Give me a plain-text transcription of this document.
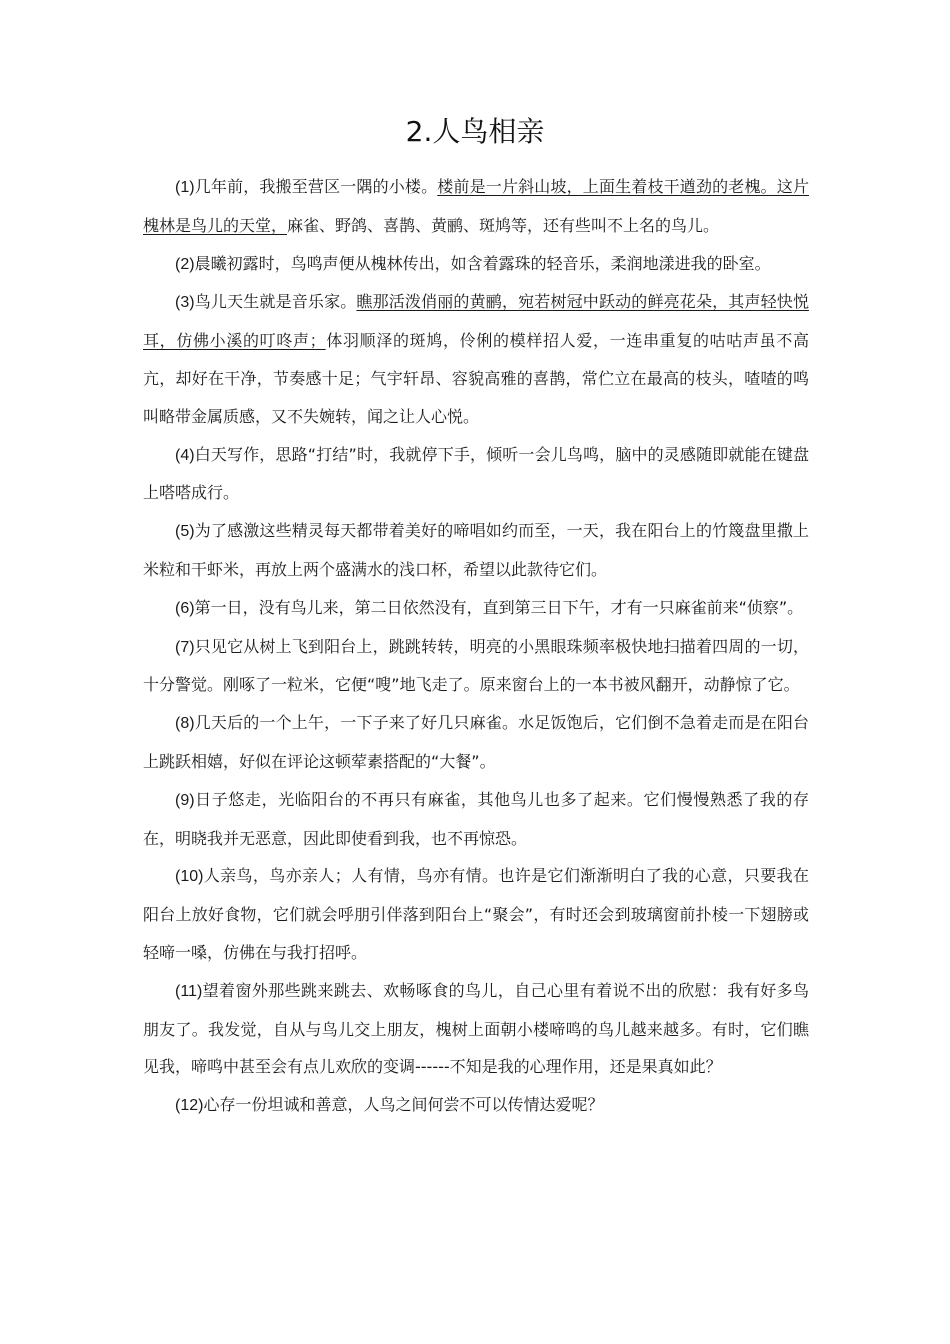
2.人鸟相亲

(1)几年前，我搬至营区一隅的小楼。楼前是一片斜山坡，上面生着枝干遒劲的老槐。这片槐林是鸟儿的天堂，麻雀、野鸽、喜鹊、黄鹂、斑鸠等，还有些叫不上名的鸟儿。

(2)晨曦初露时，鸟鸣声便从槐林传出，如含着露珠的轻音乐，柔润地漾进我的卧室。

(3)鸟儿天生就是音乐家。瞧那活泼俏丽的黄鹂，宛若树冠中跃动的鲜亮花朵，其声轻快悦耳，仿佛小溪的叮咚声；体羽顺泽的斑鸠，伶俐的模样招人爱，一连串重复的咕咕声虽不高亢，却好在干净，节奏感十足；气宇轩昂、容貌高雅的喜鹊，常伫立在最高的枝头，喳喳的鸣叫略带金属质感，又不失婉转，闻之让人心悦。

(4)白天写作，思路“打结”时，我就停下手，倾听一会儿鸟鸣，脑中的灵感随即就能在键盘上嗒嗒成行。

(5)为了感激这些精灵每天都带着美好的啼唱如约而至，一天，我在阳台上的竹篾盘里撒上米粒和干虾米，再放上两个盛满水的浅口杯，希望以此款待它们。

(6)第一日，没有鸟儿来，第二日依然没有，直到第三日下午，才有一只麻雀前来“侦察”。

(7)只见它从树上飞到阳台上，跳跳转转，明亮的小黑眼珠频率极快地扫描着四周的一切，十分警觉。刚啄了一粒米，它便“嗖”地飞走了。原来窗台上的一本书被风翻开，动静惊了它。

(8)几天后的一个上午，一下子来了好几只麻雀。水足饭饱后，它们倒不急着走而是在阳台上跳跃相嬉，好似在评论这顿荤素搭配的“大餐”。

(9)日子悠走，光临阳台的不再只有麻雀，其他鸟儿也多了起来。它们慢慢熟悉了我的存在，明晓我并无恶意，因此即使看到我，也不再惊恐。

(10)人亲鸟，鸟亦亲人；人有情，鸟亦有情。也许是它们渐渐明白了我的心意，只要我在阳台上放好食物，它们就会呼朋引伴落到阳台上“聚会”，有时还会到玻璃窗前扑棱一下翅膀或轻啼一嗓，仿佛在与我打招呼。

(11)望着窗外那些跳来跳去、欢畅啄食的鸟儿，自己心里有着说不出的欣慰：我有好多鸟朋友了。我发觉，自从与鸟儿交上朋友，槐树上面朝小楼啼鸣的鸟儿越来越多。有时，它们瞧见我，啼鸣中甚至会有点儿欢欣的变调------不知是我的心理作用，还是果真如此？

(12)心存一份坦诚和善意，人鸟之间何尝不可以传情达爱呢？
